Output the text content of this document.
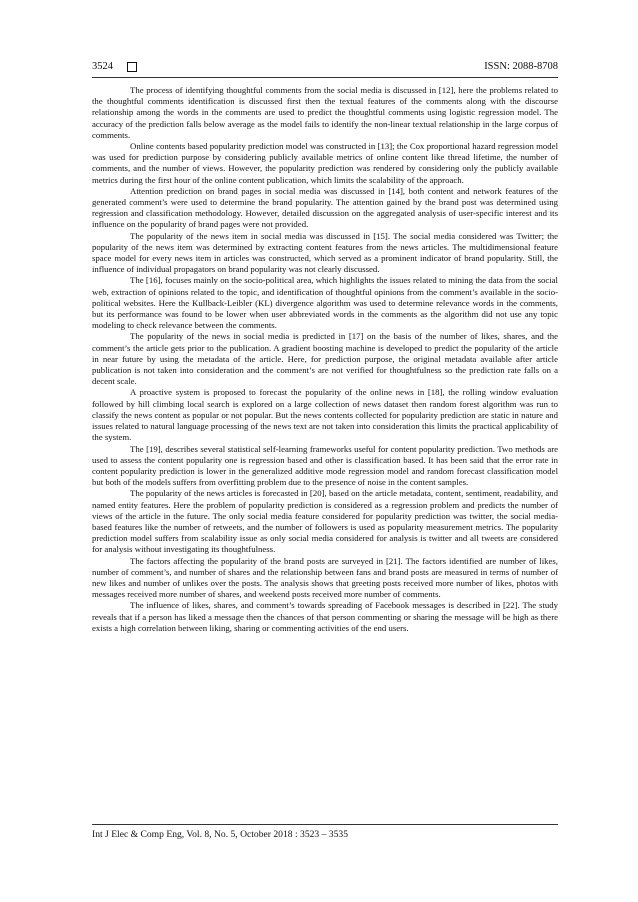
3524	ISSN: 2088-8708

The process of identifying thoughtful comments from the social media is discussed in [12], here the problems related to the thoughtful comments identification is discussed first then the textual features of the comments along with the discourse relationship among the words in the comments are used to predict the thoughtful comments using logistic regression model. The accuracy of the prediction falls below average as the model fails to identify the non-linear textual relationship in the large corpus of comments.

Online contents based popularity prediction model was constructed in [13]; the Cox proportional hazard regression model was used for prediction purpose by considering publicly available metrics of online content like thread lifetime, the number of comments, and the number of views. However, the popularity prediction was rendered by considering only the publicly available metrics during the first hour of the online content publication, which limits the scalability of the approach.

Attention prediction on brand pages in social media was discussed in [14], both content and network features of the generated comment’s were used to determine the brand popularity. The attention gained by the brand post was determined using regression and classification methodology. However, detailed discussion on the aggregated analysis of user-specific interest and its influence on the popularity of brand pages were not provided.

The popularity of the news item in social media was discussed in [15]. The social media considered was Twitter; the popularity of the news item was determined by extracting content features from the news articles. The multidimensional feature space model for every news item in articles was constructed, which served as a prominent indicator of brand popularity. Still, the influence of individual propagators on brand popularity was not clearly discussed.

The [16], focuses mainly on the socio-political area, which highlights the issues related to mining the data from the social web, extraction of opinions related to the topic, and identification of thoughtful opinions from the comment’s available in the socio-political websites. Here the Kullback-Leibler (KL) divergence algorithm was used to determine relevance words in the comments, but its performance was found to be lower when user abbreviated words in the comments as the algorithm did not use any topic modeling to check relevance between the comments.

The popularity of the news in social media is predicted in [17] on the basis of the number of likes, shares, and the comment’s the article gets prior to the publication. A gradient boosting machine is developed to predict the popularity of the article in near future by using the metadata of the article. Here, for prediction purpose, the original metadata available after article publication is not taken into consideration and the comment’s are not verified for thoughtfulness so the prediction rate falls on a decent scale.

A proactive system is proposed to forecast the popularity of the online news in [18], the rolling window evaluation followed by hill climbing local search is explored on a large collection of news dataset then random forest algorithm was run to classify the news content as popular or not popular. But the news contents collected for popularity prediction are static in nature and issues related to natural language processing of the news text are not taken into consideration this limits the practical applicability of the system.

The [19], describes several statistical self-learning frameworks useful for content popularity prediction. Two methods are used to assess the content popularity one is regression based and other is classification based. It has been said that the error rate in content popularity prediction is lower in the generalized additive mode regression model and random forecast classification model but both of the models suffers from overfitting problem due to the presence of noise in the content samples.

The popularity of the news articles is forecasted in [20], based on the article metadata, content, sentiment, readability, and named entity features. Here the problem of popularity prediction is considered as a regression problem and predicts the number of views of the article in the future. The only social media feature considered for popularity prediction was twitter, the social media-based features like the number of retweets, and the number of followers is used as popularity measurement metrics. The popularity prediction model suffers from scalability issue as only social media considered for analysis is twitter and all tweets are considered for analysis without investigating its thoughtfulness.

The factors affecting the popularity of the brand posts are surveyed in [21]. The factors identified are number of likes, number of comment’s, and number of shares and the relationship between fans and brand posts are measured in terms of number of new likes and number of unlikes over the posts. The analysis shows that greeting posts received more number of likes, photos with messages received more number of shares, and weekend posts received more number of comments.

The influence of likes, shares, and comment’s towards spreading of Facebook messages is described in [22]. The study reveals that if a person has liked a message then the chances of that person commenting or sharing the message will be high as there exists a high correlation between liking, sharing or commenting activities of the end users.

Int J Elec & Comp Eng, Vol. 8, No. 5, October 2018 : 3523 – 3535
